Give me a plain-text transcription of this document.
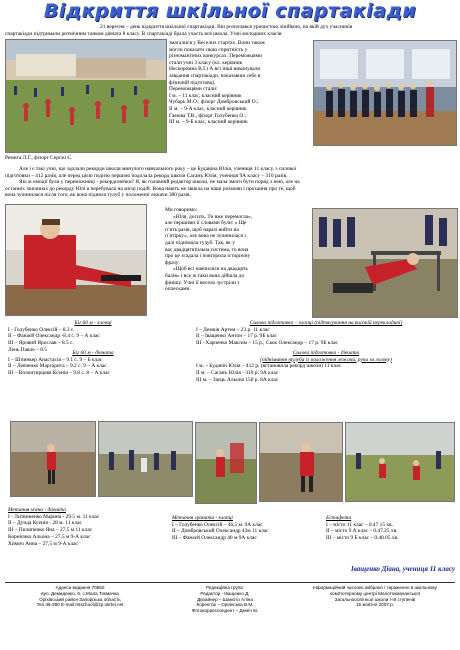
Відкриття шкільної спартакіади
21 вересня – день відкриття шкільної спартакіади. Він розпочався урочистою лінійкою, на якій дух учасників
спартакіади підтримали ритмічним танком дівчата 8 класу. В спартакіаді брала участь вся школа. Учні молодших класів
змагалися у Веселих стартах. Вони також
могли показати свою спритність у
різноманітних конкурсах. Переможцями
стали учні 3 класу (кл. керівник
Нескоромна В.І.) А всі інші виконували
завдання спартакіади, показавши себе в
фізичній підготовці.
Переможцями стали:
І м. – 11 клас, класний керівник
Чубарь М.О., фізорг Домбровський О.;
ІІ м. – 9-А клас, класний керівник
Гамова Т.В., фізорг Голубенко О.;
ІІІ м. – 9-Б клас, класний керівник
Ремига Л.Г., фізорг Сергач Є.
Але і є такі учні, що здолали рекорди школи минулого навчального року – це Буданіна Юлія, учениця 11 класу, з силової
підготовки – 412 разів, але перед цією подією першою подолала рекорд школи Саганъ Юлія, учениця 9А класу – 310 разів.
Які ж емоції були у переможниці - рекордсменки? Я, як головний редактор школи, не мала змоги бути поряд з нею, але на
останніх хвилинах до рекорду Юлі я перебувала на місці подій. Вона навіть не звикла на наші розмови і прохання про те, щоб
вона зупинилася після того, як вона підняла тулуб у положенні лежачи 380 разів.
Ми говоримо:
«Юля, досить. Ти вже перемогла»,
але першими її словами були: « Ще
п`ять разів, щоб наразі вийти на
п`ятірку», але вона не зупинилася і
далі піднімала тулуб. Так, як у
вас двадцятипільна система, то вона
про це згадала і повторила історичну
фразу:
«Щоб всі навчилися на двадцять
балів» і все ж таки вона дійшла до
фінішу. Учні її весело зустріли з
оплесками.
Біг 60 м - хлопці
І - Голубенко Олексій – 8.3 с.
ІІ – Фанаєй Олександр -8.4 с. 9 – А клас
ІІІ – Яровий Ярослав – 8.5 с.
Лень Павло – 8.5
Біг 60 м - дівчата
І – Шпинкер Анастасія – 9.1 с. 9 – Б клас
ІІ – Левченко Маргарита – 9.2 с. 9 – А клас
ІІІ – Волонтирцева Ксенія – 9.8 с. 8 – А клас
Силова підготовка – хлопці (підтягування на високій перекладині)
І – Демків Артем – 23 р. 11 клас
ІІ – Іващенко Антон – 17 р. 9Б клас
ІІІ –Харченко Максим – 15 р., Скок Олександр – 17 р. 9Б клас
Силова підготовка - дівчата
(піднімання тулуба із положення лежачи, руки за голову)
І м. – Буданін Юлія – 412 р. (встановила рекорд школи) 11 клас
ІІ м. – Саганъ Юлія - 310 р. 9А клас
ІІІ м. – Заєць Альона 150 р. 8А клас
Метання м'яча - дівчата
І - Литвиненко Марина - 29.5 м. 11 клас
ІІ – Дунда Ксенія - 28 м. 11 клас
ІІІ – Пилипенко Яна – 27,5 м 11 клас
Корнієнко Альона – 27,5 м 9-А клас
Химич Анна – 27,5 м 9-А клас
Метання гранати - хлопці
І – Голубенко Олексій – 46,5 м. 9А клас
ІІ – Домбровський Олександр 43м 11 клас
ІІІ – Фанаєй Олександр 40 м 9А клас
Естафета
І – місто 11 клас – 0.47.15 хв.
ІІ – місто 9 А клас – 0.47.25 хв.
ІІІ – місто 9 Б клас – 0.48.05 хв.
Іващенко Діана, учениця 11 класу
Адреса видання 70550
вул. Демиденко, 6, с.Мала Токмачка
Оріхівський район Запорізька область
Тел.46-280 E-mail:mtschool@zp.ukrtel.net
Редакційна група:
Редактор - Іващенко Д.
Дизайнер – Шамото Аліна
Коректор – Оріянська В.М.
Фотокорреспондент – Деміч М.
Інформаційний часопис вибрано і тираженно в шкільному
комп'ютерному центрі Малотокмачанської
Загальноосвітньої школи І-ІІІ ступенів
15 жовтня 2007 р.
